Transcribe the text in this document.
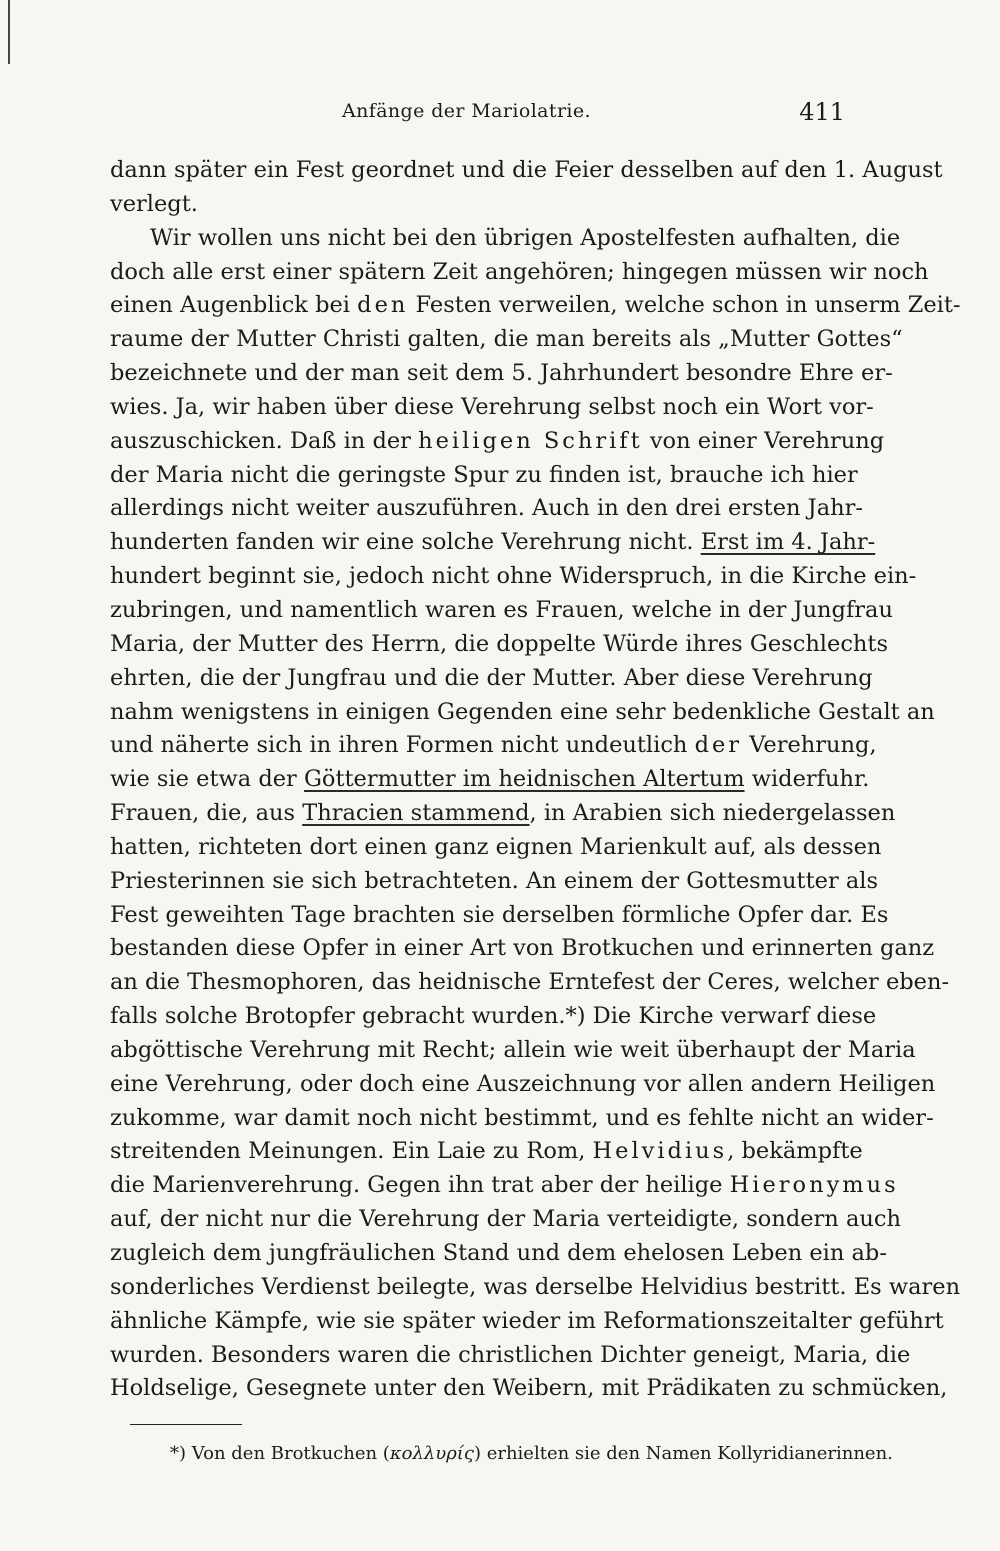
Anfänge der Mariolatrie.	411
dann später ein Fest geordnet und die Feier desselben auf den 1. August
verlegt.
Wir wollen uns nicht bei den übrigen Apostelfesten aufhalten, die
doch alle erst einer spätern Zeit angehören; hingegen müssen wir noch
einen Augenblick bei den Festen verweilen, welche schon in unserm Zeit-
raume der Mutter Christi galten, die man bereits als „Mutter Gottes“
bezeichnete und der man seit dem 5. Jahrhundert besondre Ehre er-
wies. Ja, wir haben über diese Verehrung selbst noch ein Wort vor-
auszuschicken. Daß in der heiligen Schrift von einer Verehrung
der Maria nicht die geringste Spur zu finden ist, brauche ich hier
allerdings nicht weiter auszuführen. Auch in den drei ersten Jahr-
hunderten fanden wir eine solche Verehrung nicht. Erst im 4. Jahr-
hundert beginnt sie, jedoch nicht ohne Widerspruch, in die Kirche ein-
zubringen, und namentlich waren es Frauen, welche in der Jungfrau
Maria, der Mutter des Herrn, die doppelte Würde ihres Geschlechts
ehrten, die der Jungfrau und die der Mutter. Aber diese Verehrung
nahm wenigstens in einigen Gegenden eine sehr bedenkliche Gestalt an
und näherte sich in ihren Formen nicht undeutlich der Verehrung,
wie sie etwa der Göttermutter im heidnischen Altertum widerfuhr.
Frauen, die, aus Thracien stammend, in Arabien sich niedergelassen
hatten, richteten dort einen ganz eignen Marienkult auf, als dessen
Priesterinnen sie sich betrachteten. An einem der Gottesmutter als
Fest geweihten Tage brachten sie derselben förmliche Opfer dar. Es
bestanden diese Opfer in einer Art von Brotkuchen und erinnerten ganz
an die Thesmophoren, das heidnische Erntefest der Ceres, welcher eben-
falls solche Brotopfer gebracht wurden.*) Die Kirche verwarf diese
abgöttische Verehrung mit Recht; allein wie weit überhaupt der Maria
eine Verehrung, oder doch eine Auszeichnung vor allen andern Heiligen
zukomme, war damit noch nicht bestimmt, und es fehlte nicht an wider-
streitenden Meinungen. Ein Laie zu Rom, Helvidius, bekämpfte
die Marienverehrung. Gegen ihn trat aber der heilige Hieronymus
auf, der nicht nur die Verehrung der Maria verteidigte, sondern auch
zugleich dem jungfräulichen Stand und dem ehelosen Leben ein ab-
sonderliches Verdienst beilegte, was derselbe Helvidius bestritt. Es waren
ähnliche Kämpfe, wie sie später wieder im Reformationszeitalter geführt
wurden. Besonders waren die christlichen Dichter geneigt, Maria, die
Holdselige, Gesegnete unter den Weibern, mit Prädikaten zu schmücken,
*) Von den Brotkuchen (κολλυρίς) erhielten sie den Namen Kollyridianerinnen.
